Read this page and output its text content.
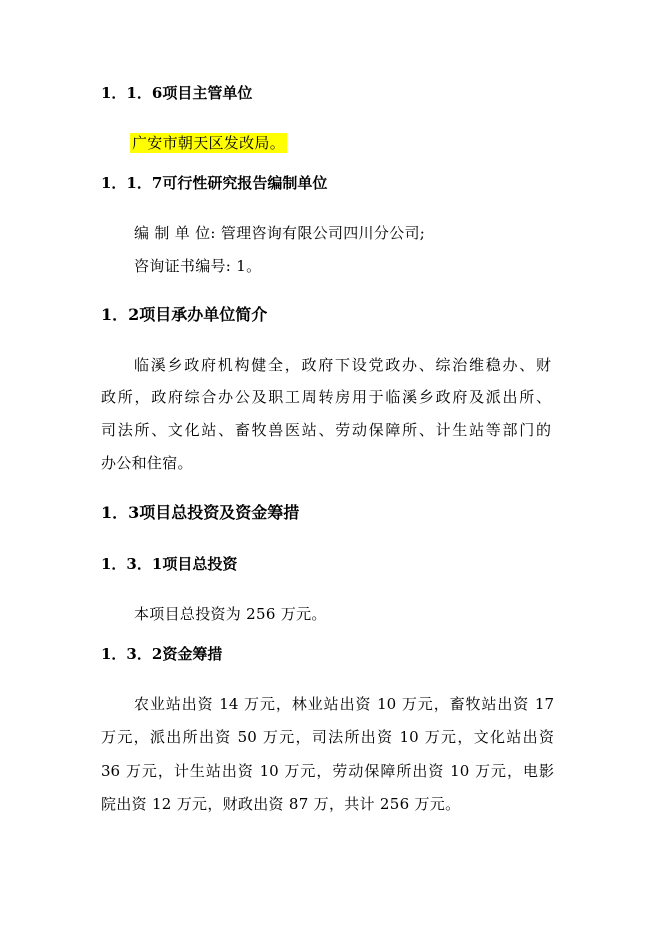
1．1．6项目主管单位
广安市朝天区发改局。
1．1．7可行性研究报告编制单位
编 制 单 位: 管理咨询有限公司四川分公司;
咨询证书编号: 1。
1．2项目承办单位简介
临溪乡政府机构健全，政府下设党政办、综治维稳办、财
政所，政府综合办公及职工周转房用于临溪乡政府及派出所、
司法所、文化站、畜牧兽医站、劳动保障所、计生站等部门的
办公和住宿。
1．3项目总投资及资金筹措
1．3．1项目总投资
本项目总投资为 256 万元。
1．3．2资金筹措
农业站出资 14 万元，林业站出资 10 万元，畜牧站出资 17
万元，派出所出资 50 万元，司法所出资 10 万元，文化站出资
36 万元，计生站出资 10 万元，劳动保障所出资 10 万元，电影
院出资 12 万元，财政出资 87 万，共计 256 万元。
